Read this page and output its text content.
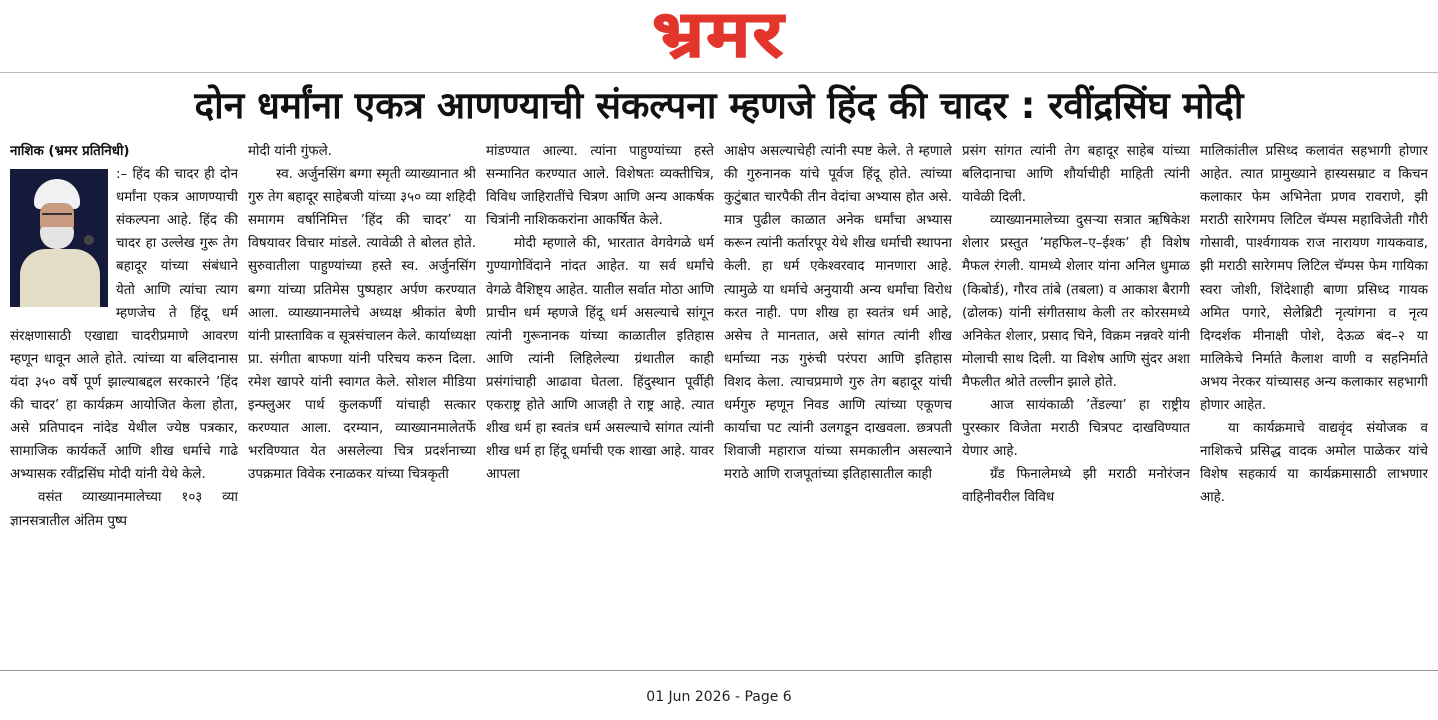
भ्रमर
दोन धर्मांना एकत्र आणण्याची संकल्पना म्हणजे हिंद की चादर : रवींद्रसिंघ मोदी

नाशिक (भ्रमर प्रतिनिधी)

:– हिंद की चादर ही दोन धर्मांना एकत्र आणण्याची संकल्पना आहे. हिंद की चादर हा उल्लेख गुरू तेग बहादूर यांच्या संबंधाने येतो आणि त्यांचा त्याग म्हणजेच ते हिंदू धर्म संरक्षणासाठी एखाद्या चादरीप्रमाणे आवरण म्हणून धावून आले होते. त्यांच्या या बलिदानास यंदा ३५० वर्षे पूर्ण झाल्याबद्दल सरकारने ’हिंद की चादर’ हा कार्यक्रम आयोजित केला होता, असे प्रतिपादन नांदेड येथील ज्येष्ठ पत्रकार, सामाजिक कार्यकर्ते आणि शीख धर्माचे गाढे अभ्यासक रवींद्रसिंघ मोदी यांनी येथे केले.

वसंत व्याख्यानमालेच्या १०३ व्या ज्ञानसत्रातील अंतिम पुष्प

मोदी यांनी गुंफले.

स्व. अर्जुनसिंग बग्गा स्मृती व्याख्यानात श्री गुरु तेग बहादूर साहेबजी यांच्या ३५० व्या शहिदी समागम वर्षानिमित्त ’हिंद की चादर’ या विषयावर विचार मांडले. त्यावेळी ते बोलत होते. सुरुवातीला पाहुण्यांच्या हस्ते स्व. अर्जुनसिंग बग्गा यांच्या प्रतिमेस पुष्पहार अर्पण करण्यात आला. व्याख्यानमालेचे अध्यक्ष श्रीकांत बेणी यांनी प्रास्ताविक व सूत्रसंचालन केले. कार्याध्यक्षा प्रा. संगीता बाफणा यांनी परिचय करुन दिला. रमेश खापरे यांनी स्वागत केले. सोशल मीडिया इन्फ्लुअर पार्थ कुलकर्णी यांचाही सत्कार करण्यात आला. दरम्यान, व्याख्यानमालेतर्फे भरविण्यात येत असलेल्या चित्र प्रदर्शनाच्या उपक्रमात विवेक रनाळकर यांच्या चित्रकृती

मांडण्यात आल्या. त्यांना पाहुण्यांच्या हस्ते सन्मानित करण्यात आले. विशेषतः व्यक्तीचित्र, विविध जाहिरातींचे चित्रण आणि अन्य आकर्षक चित्रांनी नाशिककरांना आकर्षित केले.

मोदी म्हणाले की, भारतात वेगवेगळे धर्म गुण्यागोविंदाने नांदत आहेत. या सर्व धर्मांचे वेगळे वैशिष्ट्य आहेत. यातील सर्वात मोठा आणि प्राचीन धर्म म्हणजे हिंदू धर्म असल्याचे सांगून त्यांनी गुरूनानक यांच्या काळातील इतिहास आणि त्यांनी लिहिलेल्या ग्रंथातील काही प्रसंगांचाही आढावा घेतला. हिंदुस्थान पूर्वीही एकराष्ट्र होते आणि आजही ते राष्ट्र आहे. त्यात शीख धर्म हा स्वतंत्र धर्म असल्याचे सांगत त्यांनी शीख धर्म हा हिंदू धर्माची एक शाखा आहे. यावर आपला

आक्षेप असल्याचेही त्यांनी स्पष्ट केले. ते म्हणाले की गुरुनानक यांचे पूर्वज हिंदू होते. त्यांच्या कुटुंबात चारपैकी तीन वेदांचा अभ्यास होत असे. मात्र पुढील काळात अनेक धर्मांचा अभ्यास करून त्यांनी कर्तारपूर येथे शीख धर्माची स्थापना केली. हा धर्म एकेश्वरवाद मानणारा आहे. त्यामुळे या धर्माचे अनुयायी अन्य धर्मांचा विरोध करत नाही. पण शीख हा स्वतंत्र धर्म आहे, असेच ते मानतात, असे सांगत त्यांनी शीख धर्माच्या नऊ गुरुंची परंपरा आणि इतिहास विशद केला. त्याचप्रमाणे गुरु तेग बहादूर यांची धर्मगुरु म्हणून निवड आणि त्यांच्या एकूणच कार्याचा पट त्यांनी उलगडून दाखवला. छत्रपती शिवाजी महाराज यांच्या समकालीन असल्याने मराठे आणि राजपूतांच्या इतिहासातील काही

प्रसंग सांगत त्यांनी तेग बहादूर साहेब यांच्या बलिदानाचा आणि शौर्याचीही माहिती त्यांनी यावेळी दिली.

व्याख्यानमालेच्या दुसऱ्या सत्रात ऋषिकेश शेलार प्रस्तुत ’महफिल–ए–ईश्क’ ही विशेष मैफल रंगली. यामध्ये शेलार यांना अनिल धुमाळ (किबोर्ड), गौरव तांबे (तबला) व आकाश बैरागी (ढोलक) यांनी संगीतसाथ केली तर कोरसमध्ये अनिकेत शेलार, प्रसाद चिने, विक्रम नन्नवरे यांनी मोलाची साथ दिली. या विशेष आणि सुंदर अशा मैफलीत श्रोते तल्लीन झाले होते.

आज सायंकाळी ’तेंडल्या’ हा राष्ट्रीय पुरस्कार विजेता मराठी चित्रपट दाखविण्यात येणार आहे.

ग्रँड फिनालेमध्ये झी मराठी मनोरंजन वाहिनीवरील विविध

मालिकांतील प्रसिध्द कलावंत सहभागी होणार आहेत. त्यात प्रामुख्याने हास्यसम्राट व किचन कलाकार फेम अभिनेता प्रणव रावराणे, झी मराठी सारेगमप लिटिल चॅम्पस महाविजेती गौरी गोसावी, पार्श्वगायक राज नारायण गायकवाड, झी मराठी सारेगमप लिटिल चॅम्पस फेम गायिका स्वरा जोशी, शिंदेशाही बाणा प्रसिध्द गायक अमित पगारे, सेलेब्रिटी नृत्यांगना व नृत्य दिग्दर्शक मीनाक्षी पोशे, देऊळ बंद–२ या मालिकेचे निर्माते कैलाश वाणी व सहनिर्माते अभय नेरकर यांच्यासह अन्य कलाकार सहभागी होणार आहेत.

या कार्यक्रमाचे वाद्यवृंद संयोजक व नाशिकचे प्रसिद्ध वादक अमोल पाळेकर यांचे विशेष सहकार्य या कार्यक्रमासाठी लाभणार आहे.

01 Jun 2026 - Page 6
